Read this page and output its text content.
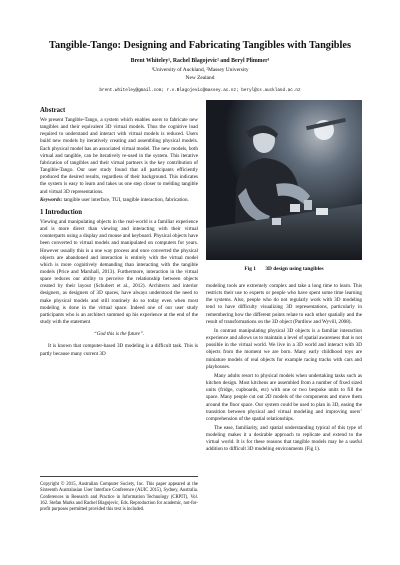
Tangible-Tango: Designing and Fabricating Tangibles with Tangibles
Brent Whiteley¹, Rachel Blagojevic² and Beryl Plimmer¹
¹University of Auckland, ²Massey University
New Zealand
brent.whiteley@gmail.com; r.v.Blagojevic@massey.ac.nz; beryl@cs.auckland.ac.nz
Abstract

We present Tangible-Tango, a system which enables users to fabricate new tangibles and their equivalent 3D virtual models. Thus the cognitive load required to understand and interact with virtual models is reduced. Users build new models by iteratively creating and assembling physical models. Each physical model has an associated virtual model. The new models, both virtual and tangible, can be iteratively re-used in the system. This iterative fabrication of tangibles and their virtual partners is the key contribution of Tangible-Tango. Our user study found that all participants efficiently produced the desired results, regardless of their background. This indicates the system is easy to learn and takes us one step closer to melding tangible and virtual 3D representations.

Keywords: tangible user interface, TUI, tangible interaction, fabrication.

1 Introduction

Viewing and manipulating objects in the real-world is a familiar experience and is more direct than viewing and interacting with their virtual counterparts using a display and mouse and keyboard. Physical objects have been converted to virtual models and manipulated on computers for years. However usually this is a one way process and once converted the physical objects are abandoned and interaction is entirely with the virtual model which is more cognitively demanding than interacting with the tangible models (Price and Marshall, 2013). Furthermore, interaction in the virtual space reduces our ability to perceive the relationship between objects created by their layout (Schubert et al., 2012). Architects and interior designers, as designers of 3D spaces, have always understood the need to make physical models and still routinely do so today even when most modeling is done in the virtual space. Indeed one of our user study participants who is an architect summed up his experience at the end of the study with the statement

“God this is the future”.

It is known that computer-based 3D modeling is a difficult task. This is partly because many current 3D

Copyright © 2015, Australian Computer Society, Inc. This paper appeared at the Sixteenth Australasian User Interface Conference (AUIC 2015), Sydney, Australia. Conferences in Research and Practice in Information Technology (CRPIT), Vol. 162. Stefan Marks and Rachel Blagojevic, Eds. Reproduction for academic, not-for-profit purposes permitted provided this text is included.
Fig 1 3D design using tangibles

modeling tools are extremely complex and take a long time to learn. This restricts their use to experts or people who have spent some time learning the systems. Also, people who do not regularly work with 3D modeling tend to have difficulty visualizing 3D representations, particularly in remembering how the different points relate to each other spatially and the result of transformations on the 3D object (Pardlow and Wyvill, 2008).

In contrast manipulating physical 3D objects is a familiar interaction experience and allows us to maintain a level of spatial awareness that is not possible in the virtual world. We live in a 3D world and interact with 3D objects from the moment we are born. Many early childhood toys are miniature models of real objects for example racing tracks with cars and playhouses.

Many adults resort to physical models when undertaking tasks such as kitchen design. Most kitchens are assembled from a number of fixed sized units (fridge, cupboards, etc) with one or two bespoke units to fill the space. Many people cut out 2D models of the components and move them around the floor space. Our system could be used to plan in 3D, easing the transition between physical and virtual modeling and improving users’ comprehension of the spatial relationships.

The ease, familiarity, and spatial understanding typical of this type of modeling makes it a desirable approach to replicate and extend to the virtual world. It is for these reasons that tangible models may be a useful addition to difficult 3D modeling environments (Fig 1).
